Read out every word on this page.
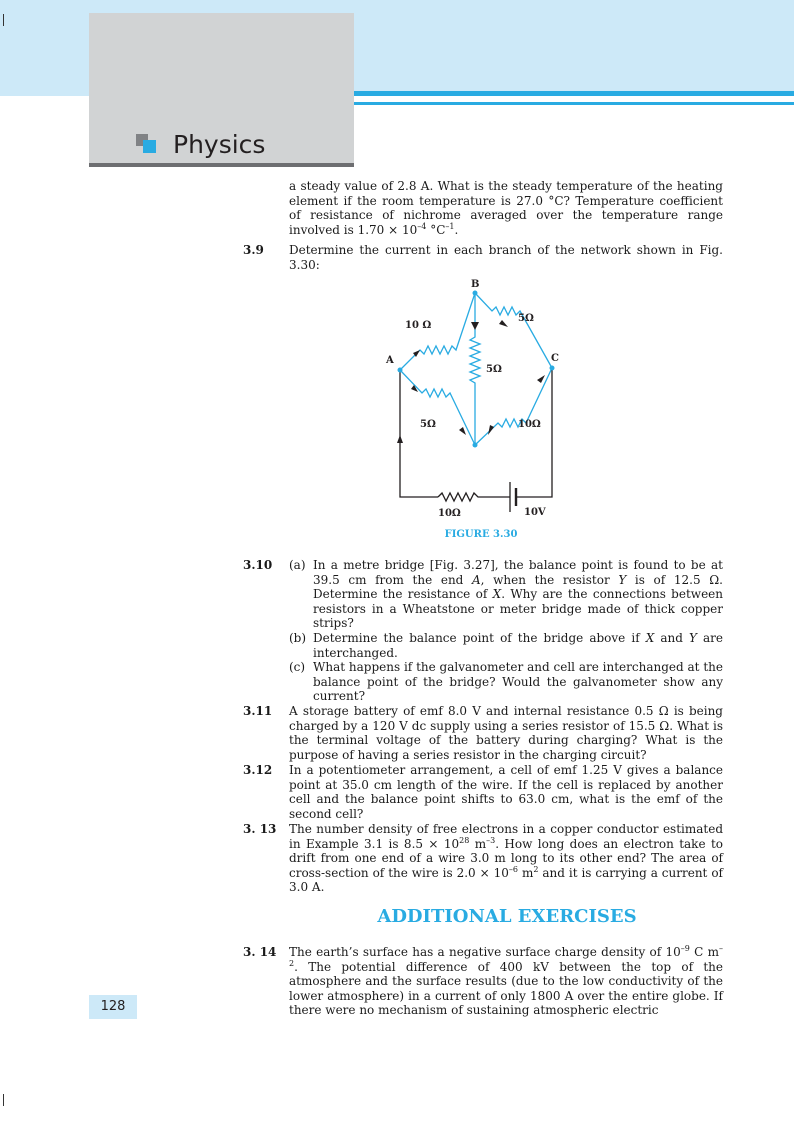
Physics
a steady value of 2.8 A. What is the steady temperature of the heating element if the room temperature is 27.0 °C? Temperature coefficient of resistance of nichrome averaged over the temperature range involved is $1.70 \times 10^{-4}$ $^\circ C^{-1}$.
3.9 Determine the current in each branch of the network shown in Fig. 3.30:
A
B
C
10 Ω
5Ω
5Ω
5Ω	10Ω
10Ω	10V
FIGURE 3.30
3.10 (a) In a metre bridge [Fig. 3.27], the balance point is found to be at 39.5 cm from the end A, when the resistor Y is of 12.5 Ω. Determine the resistance of X. Why are the connections between resistors in a Wheatstone or meter bridge made of thick copper strips?
(b) Determine the balance point of the bridge above if X and Y are interchanged.
(c) What happens if the galvanometer and cell are interchanged at the balance point of the bridge? Would the galvanometer show any current?
3.11 A storage battery of emf 8.0 V and internal resistance 0.5 Ω is being charged by a 120 V dc supply using a series resistor of 15.5 Ω. What is the terminal voltage of the battery during charging? What is the purpose of having a series resistor in the charging circuit?
3.12 In a potentiometer arrangement, a cell of emf 1.25 V gives a balance point at 35.0 cm length of the wire. If the cell is replaced by another cell and the balance point shifts to 63.0 cm, what is the emf of the second cell?
3. 13 The number density of free electrons in a copper conductor estimated in Example 3.1 is $8.5 \times 10^{28}$ $m^{-3}$. How long does an electron take to drift from one end of a wire 3.0 m long to its other end? The area of cross-section of the wire is $2.0 \times 10^{-6}$ $m^2$ and it is carrying a current of 3.0 A.
ADDITIONAL EXERCISES
3. 14 The earth’s surface has a negative surface charge density of $10^{-9}$ C $m^{-2}$. The potential difference of 400 kV between the top of the atmosphere and the surface results (due to the low conductivity of the lower atmosphere) in a current of only 1800 A over the entire globe. If there were no mechanism of sustaining atmospheric electric
128
